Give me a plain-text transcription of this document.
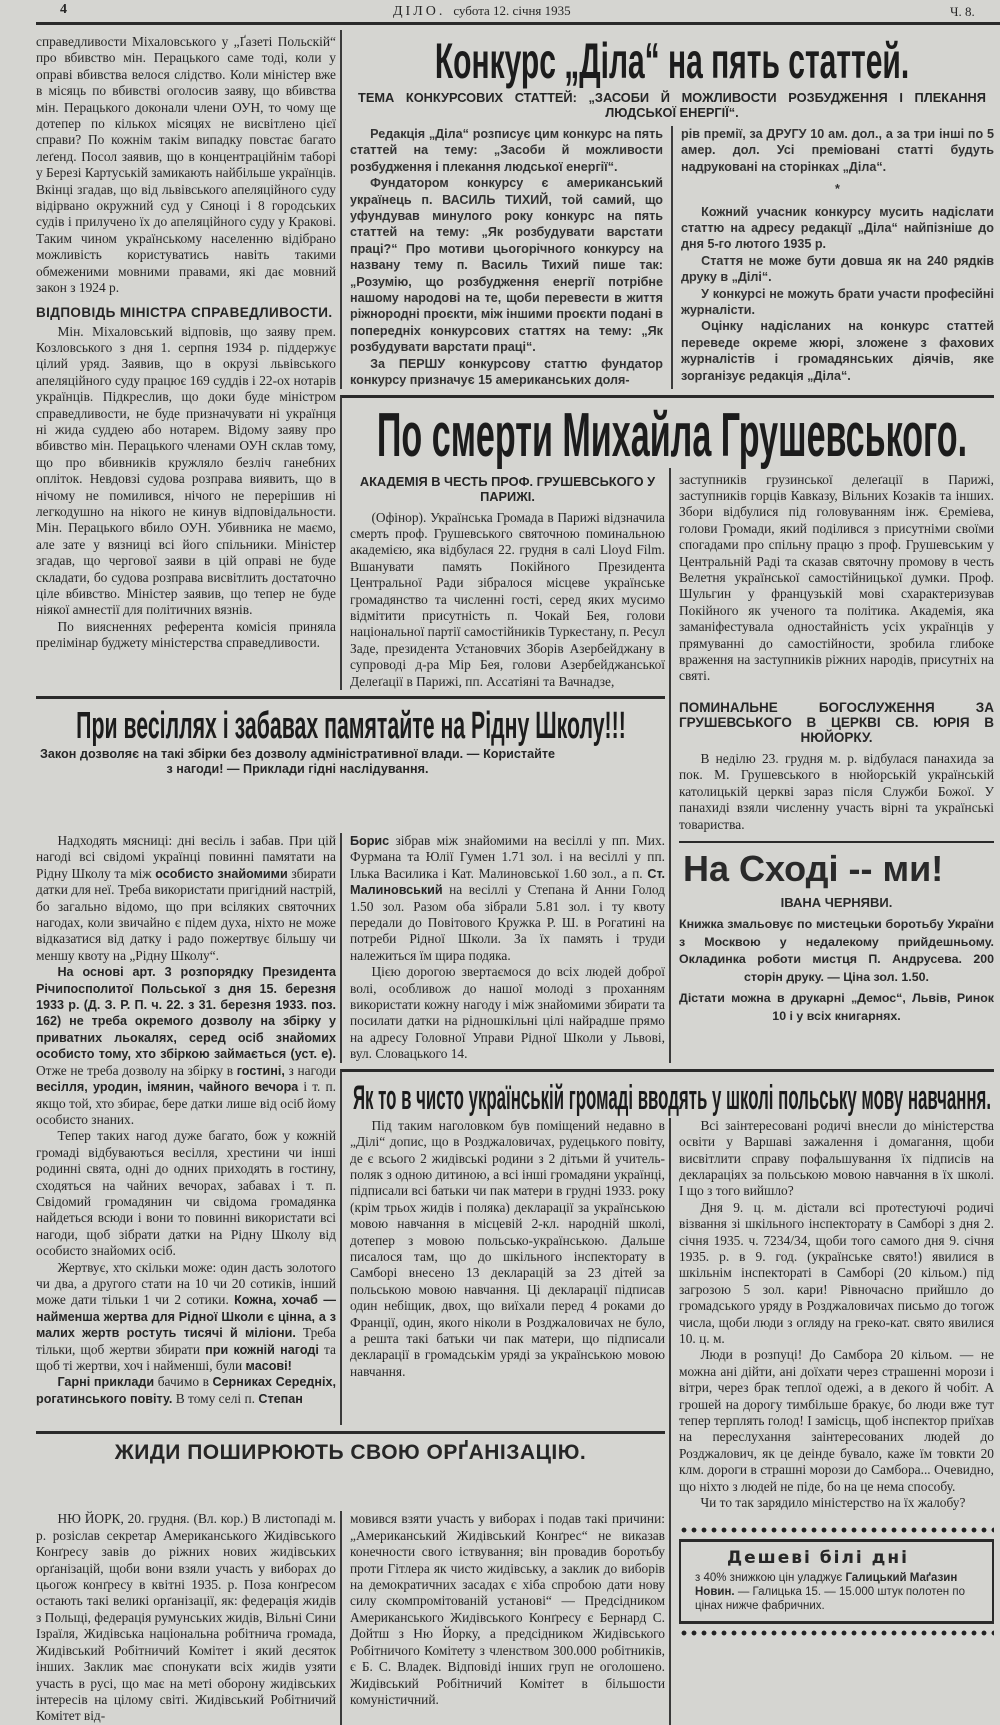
4	ДІЛО. субота 12. січня 1935	Ч. 8.

справедливости Міхаловського у „Ґазеті Польскій“ про вбивство мін. Перацького саме тоді, коли у оправі вбивства велося слідство. Коли міністер вже в місяць по вбивстві оголосив заяву, що вбивства мін. Перацького доконали члени ОУН, то чому ще дотепер по кількох місяцях не висвітлено цієї справи? По кожнім такім випадку повстає багато леґенд. Посол заявив, що в концентраційнім таборі у Березі Картуській замикають найбільше українців. Вкінці згадав, що від львівського апеляційного суду відірвано окружний суд у Сяноці і 8 городських судів і прилучено їх до апеляційного суду у Кракові. Таким чином українському населенню відібрано можливість користуватись навіть такими обмеженими мовними правами, які дає мовний закон з 1924 р.

ВІДПОВІДЬ МІНІСТРА СПРАВЕДЛИВОСТИ.

Мін. Міхаловський відповів, що заяву прем. Козловського з дня 1. серпня 1934 р. піддержує цілий уряд. Заявив, що в окрузі львівського апеляційного суду працює 169 суддів і 22-ох нотарів українців. Підкреслив, що доки буде міністром справедливости, не буде призначувати ні українця ні жида суддею або нотарем. Відому заяву про вбивство мін. Перацького членами ОУН склав тому, що про вбивників кружляло безліч ганебних опліток. Невдовзі судова розправа виявить, що в нічому не помилився, нічого не перерішив ні легкодушно на нікого не кинув відповідальности. Мін. Перацького вбило ОУН. Убивника не маємо, але зате у вязниці всі його спільники. Міністер згадав, що чергової заяви в цій оправі не буде складати, бо судова розправа висвітлить достаточно ціле вбивство. Міністер заявив, що тепер не буде ніякої амнестії для політичних вязнів.

По виясненнях референта комісія приняла прелімінар буджету міністерства справедливости.

Конкурс „Діла“ на пять статтей.
ТЕМА КОНКУРСОВИХ СТАТТЕЙ: „ЗАСОБИ Й МОЖЛИВОСТИ РОЗБУДЖЕННЯ І ПЛЕКАННЯ ЛЮДСЬКОЇ ЕНЕРГІЇ“.

Редакція „Діла“ розписує цим конкурс на пять статтей на тему: „Засоби й можливости розбудження і плекання людської енергії“.

Фундатором конкурсу є американський українець п. ВАСИЛЬ ТИХИЙ, той самий, що уфундував минулого року конкурс на пять статтей на тему: „Як розбудувати варстати праці?“ Про мотиви цьогорічного конкурсу на названу тему п. Василь Тихий пише так: „Розумію, що розбудження енергії потрібне нашому народові на те, щоби перевести в життя ріжнородні проєкти, між іншими проєкти подані в попередніх конкурсових статтях на тему: „Як розбудувати варстати праці“.

За ПЕРШУ конкурсову статтю фундатор конкурсу призначує 15 американських доля-

рів премії, за ДРУГУ 10 ам. дол., а за три інші по 5 амер. дол. Усі преміовані статті будуть надруковані на сторінках „Діла“.

*

Кожний учасник конкурсу мусить надіслати статтю на адресу редакції „Діла“ найпізніше до дня 5-го лютого 1935 р.

Стаття не може бути довша як на 240 рядків друку в „Ділі“.

У конкурсі не можуть брати участи професійні журналісти.

Оцінку надісланих на конкурс статтей переведе окреме жюрі, зложене з фахових журналістів і громадянських діячів, яке зорганізує редакція „Діла“.

По смерти Михайла Грушевського.
АКАДЕМІЯ В ЧЕСТЬ ПРОФ. ГРУШЕВСЬКОГО У ПАРИЖІ.

(Офінор). Українська Громада в Парижі відзначила смерть проф. Грушевського святочною поминальною академією, яка відбулася 22. грудня в салі Lloyd Film. Вшанувати память Покійного Президента Центральної Ради зібралося місцеве українське громадянство та численні гості, серед яких мусимо відмітити присутність п. Чокай Бея, голови національної партії самостійників Туркестану, п. Ресул Заде, президента Установчих Зборів Азербейджану в супроводі д-ра Мір Бея, голови Азербейджанської Делеґації в Парижі, пп. Ассатіяні та Вачнадзе,

заступників грузинської делеґації в Парижі, заступників горців Кавказу, Вільних Козаків та інших. Збори відбулися під головуванням інж. Єреміева, голови Громади, який поділився з присутніми своїми спогадами про спільну працю з проф. Грушевським у Центральній Раді та сказав святочну промову в честь Велетня української самостійницької думки. Проф. Шульгин у французькій мові схарактеризував Покійного як ученого та політика. Академія, яка заманіфестувала одностайність усіх українців у прямуванні до самостійности, зробила глибоке враження на заступників ріжних народів, присутніх на святі.

ПОМИНАЛЬНЕ БОГОСЛУЖЕННЯ ЗА ГРУШЕВСЬКОГО В ЦЕРКВІ СВ. ЮРІЯ В НЮЙОРКУ.

В неділю 23. грудня м. р. відбулася панахида за пок. М. Грушевського в нюйорській українській католицькій церкві зараз після Служби Божої. У панахиді взяли численну участь вірні та українські товариства.

При весіллях і забавах памятайте на Рідну Школу!!!
Закон дозволяє на такі збірки без дозволу адміністративної влади. — Користайте з нагоди! — Приклади гідні наслідування.

Надходять мясниці: дні весіль і забав. При цій нагоді всі свідомі українці повинні памятати на Рідну Школу та між особисто знайомими збирати датки для неї. Треба використати пригідний настрій, бо загально відомо, що при всіляких святочних нагодах, коли звичайно є підем духа, ніхто не може відказатися від датку і радо пожертвує більшу чи меншу квоту на „Рідну Школу“.

На основі арт. 3 розпорядку Президента Річипосполитої Польської з дня 15. березня 1933 р. (Д. З. Р. П. ч. 22. з 31. березня 1933. поз. 162) не треба окремого дозволу на збірку у приватних льокалях, серед осіб знайомих особисто тому, хто збіркою займається (уст. е). Отже не треба дозволу на збірку в гостині, з нагоди весілля, уродин, імянин, чайного вечора і т. п. якщо той, хто збирає, бере датки лише від осіб йому особисто знаних.

Тепер таких нагод дуже багато, бож у кожній громаді відбуваються весілля, хрестини чи інші родинні свята, одні до одних приходять в гостину, сходяться на чайних вечорах, забавах і т. п. Свідомий громадянин чи свідома громадянка найдеться всюди і вони то повинні використати всі нагоди, щоб зібрати датки на Рідну Школу від особисто знайомих осіб.

Жертвує, хто скільки може: один дасть золотого чи два, а другого стати на 10 чи 20 сотиків, інший може дати тільки 1 чи 2 сотики. Кожна, хочаб — найменша жертва для Рідної Школи є цінна, а з малих жертв ростуть тисячі й міліони. Треба тільки, щоб жертви збирати при кожній нагоді та щоб ті жертви, хоч і найменші, були масові!

Гарні приклади бачимо в Серниках Середніх, рогатинського повіту. В тому селі п. Степан

Борис зібрав між знайомими на весіллі у пп. Мих. Фурмана та Юлії Гумен 1.71 зол. і на весіллі у пп. Ілька Василика і Кат. Малиновської 1.60 зол., а п. Ст. Малиновський на весіллі у Степана й Анни Голод 1.50 зол. Разом оба зібрали 5.81 зол. і ту квоту передали до Повітового Кружка Р. Ш. в Рогатині на потреби Рідної Школи. За їх память і труди належиться їм щира подяка.

Цією дорогою звертаємося до всіх людей доброї волі, особливож до нашої молоді з проханням використати кожну нагоду і між знайомими збирати та посилати датки на рідношкільні цілі найрадше прямо на адресу Головної Управи Рідної Школи у Львові, вул. Словацького 14.

На Сході -- ми!
ІВАНА ЧЕРНЯВИ.
Книжка змальовує по мистецьки боротьбу України з Москвою у недалекому прийдешньому. Окладинка роботи мистця П. Андрусева. 200 сторін друку. — Ціна зол. 1.50.
Дістати можна в друкарні „Демос“, Львів, Ринок 10 і у всіх книгарнях.
Як то в чисто українській громаді вводять у школі польську мову навчання.

Під таким наголовком був поміщений недавно в „Ділі“ допис, що в Розджаловичах, рудецького повіту, де є всього 2 жидівські родини з 2 дітьми й учитель-поляк з одною дитиною, а всі інші громадяни українці, підписали всі батьки чи пак матери в грудні 1933. року (крім трьох жидів і поляка) декларації за українською мовою навчання в місцевій 2-кл. народній школі, дотепер з мовою польсько-українською. Дальше писалося там, що до шкільного інспекторату в Самборі внесено 13 декларацій за 23 дітей за польською мовою навчання. Ці декларації підписав один небіщик, двох, що виїхали перед 4 роками до Франції, один, якого ніколи в Розджаловичах не було, а решта такі батьки чи пак матери, що підписали декларації в громадськім уряді за українською мовою навчання.

Всі заінтересовані родичі внесли до міністерства освіти у Варшаві зажалення і домагання, щоби висвітлити справу пофальшування їх підписів на деклараціях за польською мовою навчання в їх школі. І що з того вийшло?

Дня 9. ц. м. дістали всі протестуючі родичі візвання зі шкільного інспекторату в Самборі з дня 2. січня 1935. ч. 7234/34, щоби того самого дня 9. січня 1935. р. в 9. год. (українське свято!) явилися в шкільнім інспектораті в Самборі (20 кільом.) під загрозою 5 зол. кари! Рівночасно прийшло до громадського уряду в Розджаловичах письмо до тогож числа, щоби люди з огляду на греко-кат. свято явилися 10. ц. м.

Люди в розпуці! До Самбора 20 кільом. — не можна ані дійти, ані доїхати через страшенні морози і вітри, через брак теплої одежі, а в декого й чобіт. А грошей на дорогу тимбільше бракує, бо люди вже тут тепер терплять голод! І замісць, щоб інспектор приїхав на переслухання заінтересованих людей до Розджалович, як це деінде бувало, каже їм товкти 20 клм. дороги в страшні морози до Самбора... Очевидно, що ніхто з людей не піде, бо на це нема способу.

Чи то так зарядило міністерство на їх жалобу?

ЖИДИ ПОШИРЮЮТЬ СВОЮ ОРҐАНІЗАЦІЮ.

НЮ ЙОРК, 20. грудня. (Вл. кор.) В листопаді м. р. розіслав секретар Американського Жидівського Конґресу завів до ріжних нових жидівських орґанізацій, щоби вони взяли участь у виборах до цьогож конґресу в квітні 1935. р. Поза конґресом остають такі великі орґанізації, як: федерація жидів з Польщі, федерація румунських жидів, Вільні Сини Ізраїля, Жидівська національна робітнича громада, Жидівський Робітничий Комітет і який десяток інших. Заклик має спонукати всіх жидів узяти участь в русі, що має на меті оборону жидівських інтересів на цілому світі. Жидівський Робітничий Комітет від-

мовився взяти участь у виборах і подав такі причини: „Американський Жидівський Конґрес“ не виказав конечности свого іствування; він провадив боротьбу проти Гітлера як чисто жидівську, а заклик до виборів на демократичних засадах є хіба спробою дати нову силу скомпромітованій установі“ — Предсідником Американського Жидівського Конґресу є Бернард С. Дойтш з Ню Йорку, а предсідником Жидівського Робітничого Комітету з членством 300.000 робітників, є Б. С. Владек. Відповіді інших груп не оголошено. Жидівський Робітничий Комітет в більшости комуністичний.

Дешеві білі дні
з 40% знижкою цін уладжує Галицький Маґазин Новин. — Галицька 15. — 15.000 штук полотен по цінах нижче фабричних.
